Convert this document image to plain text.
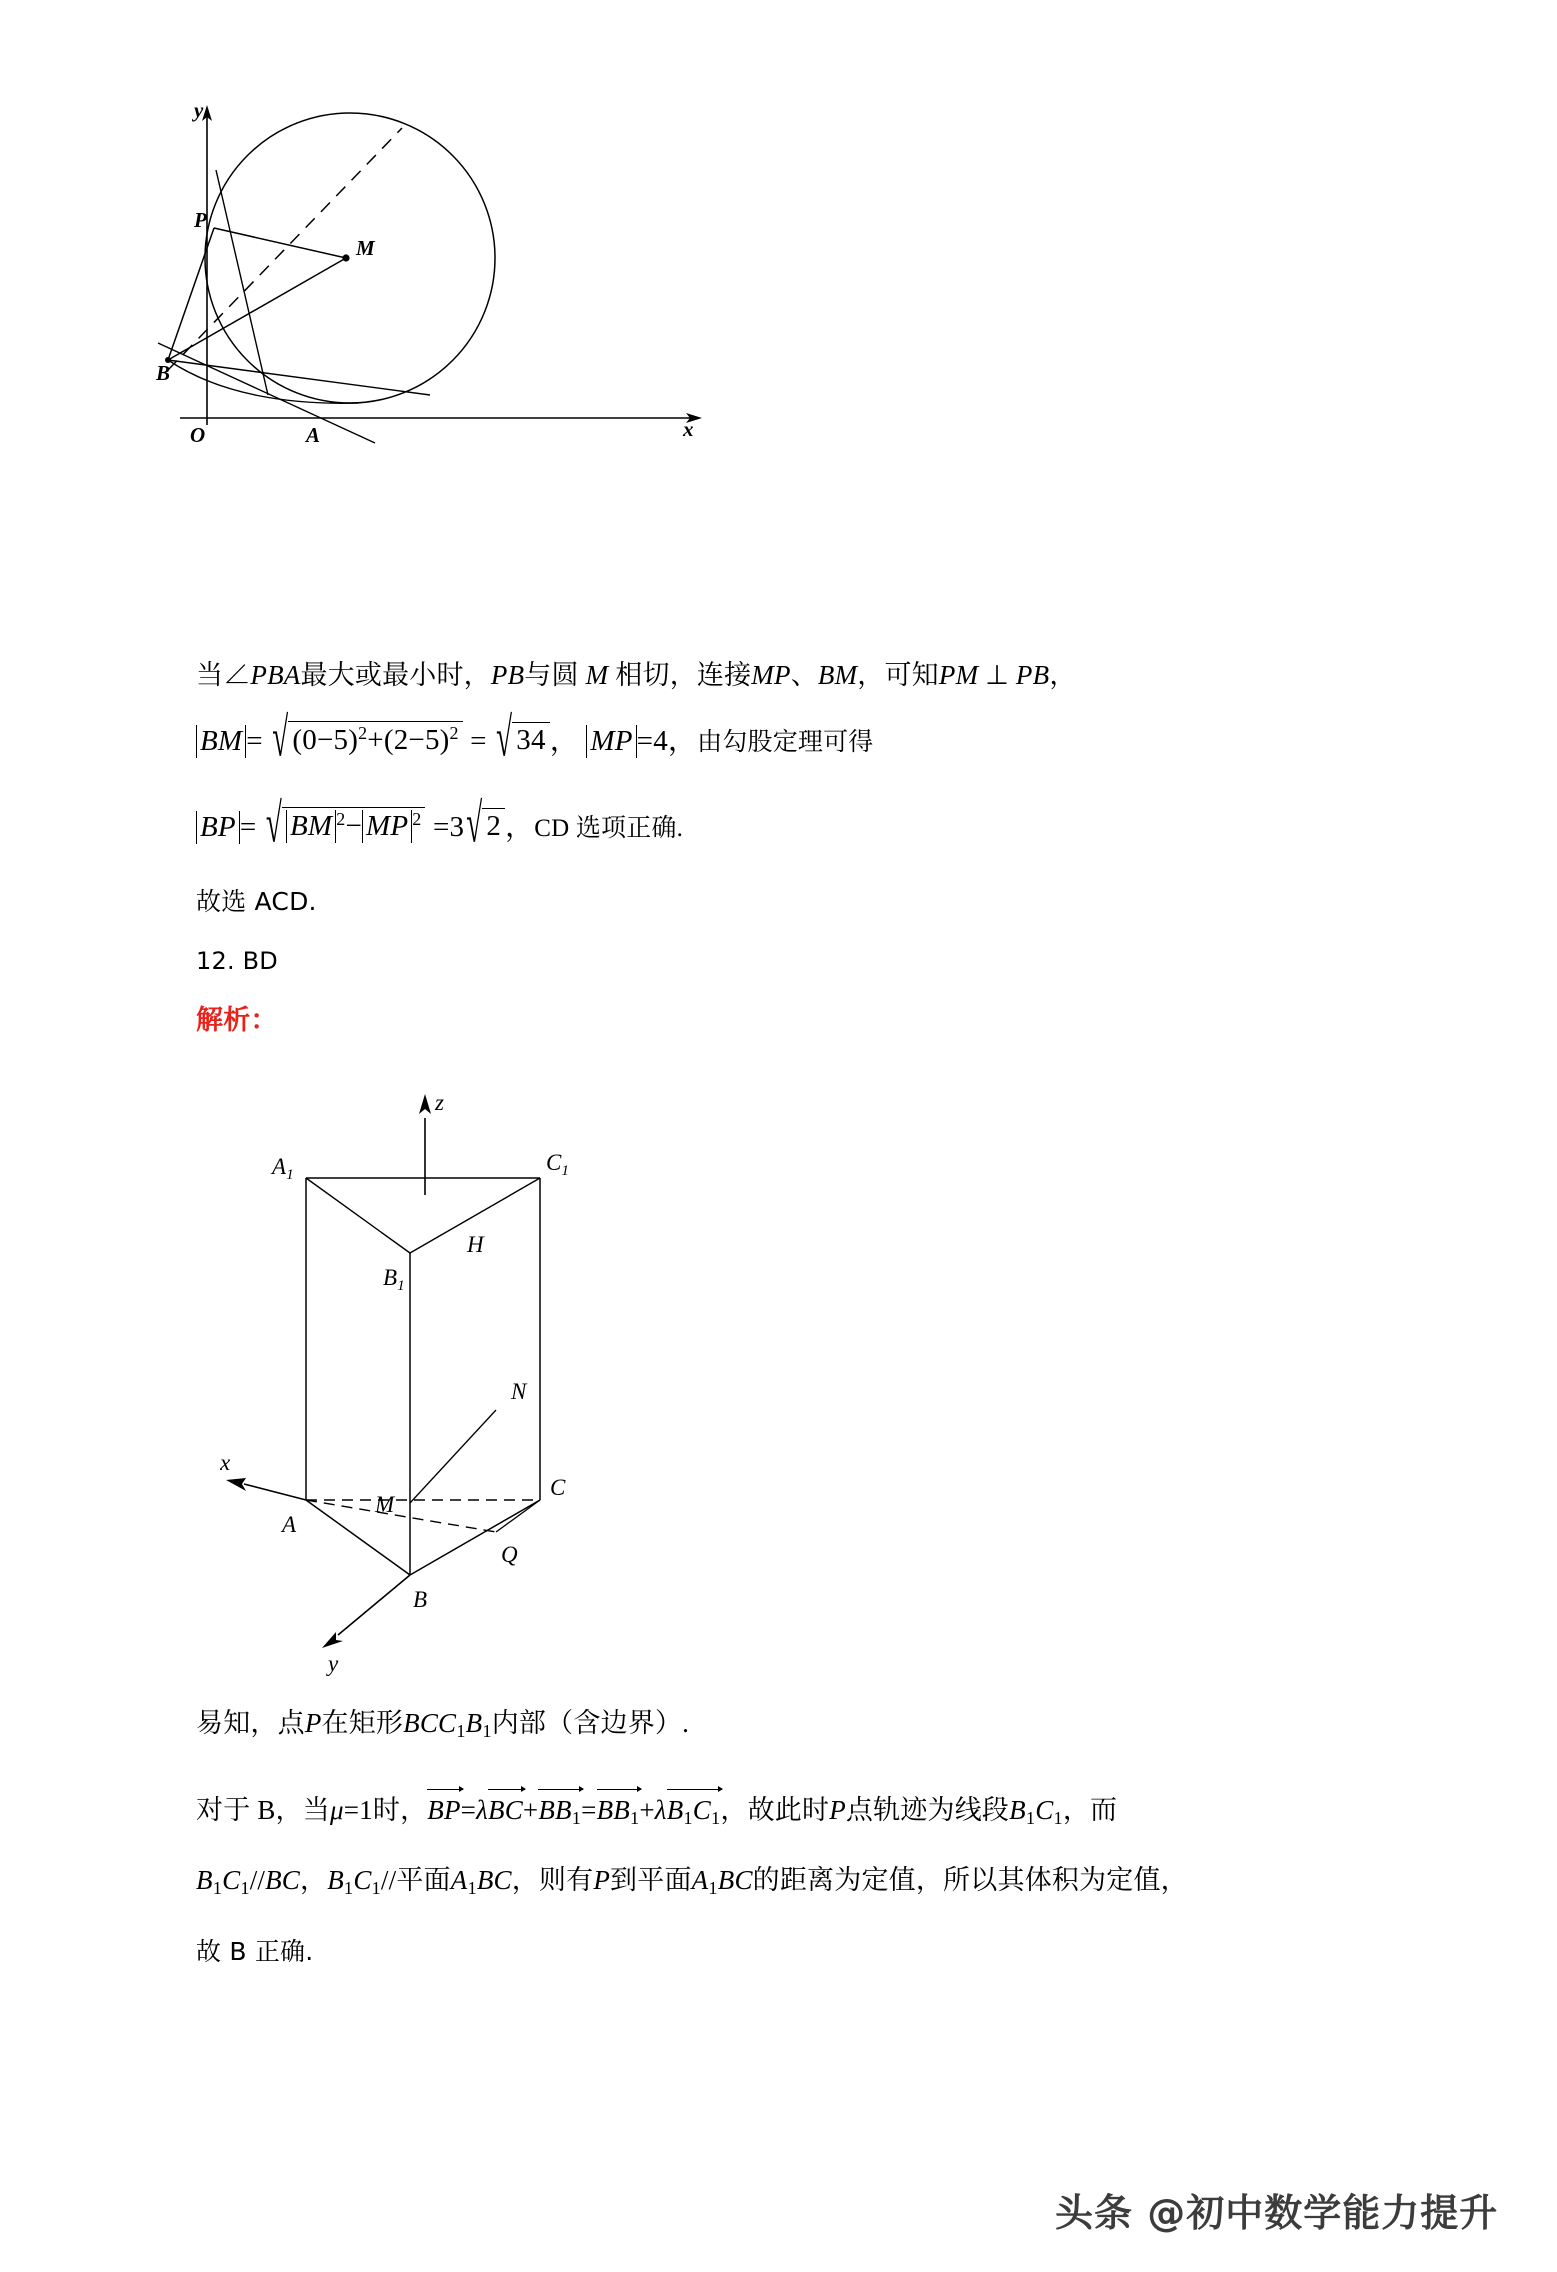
y
x
O	A
M
P
B
当∠PBA最大或最小时，PB与圆 M 相切，连接MP、BM，可知PM ⊥ PB，
BM = √ $(0-5)^2+(2-5)^2$ = √ 34 ， MP =4，由勾股定理可得
BP = √ BM $^2$− MP $^2$ =3√ 2 ，CD 选项正确.
故选 ACD.
12. BD
解析：
z
x
y
$A_1$	$C_1$
$B_1$
H
N
M
A
C
Q
B
易知，点P在矩形BCC1B1内部（含边界）.
对于 B，当μ=1时，BP=λBC+BB1=BB1+λB1C1，故此时P点轨迹为线段B1C1，而
B1C1//BC，B1C1//平面A1BC，则有P到平面A1BC的距离为定值，所以其体积为定值，
故 B 正确.
头条 @初中数学能力提升
